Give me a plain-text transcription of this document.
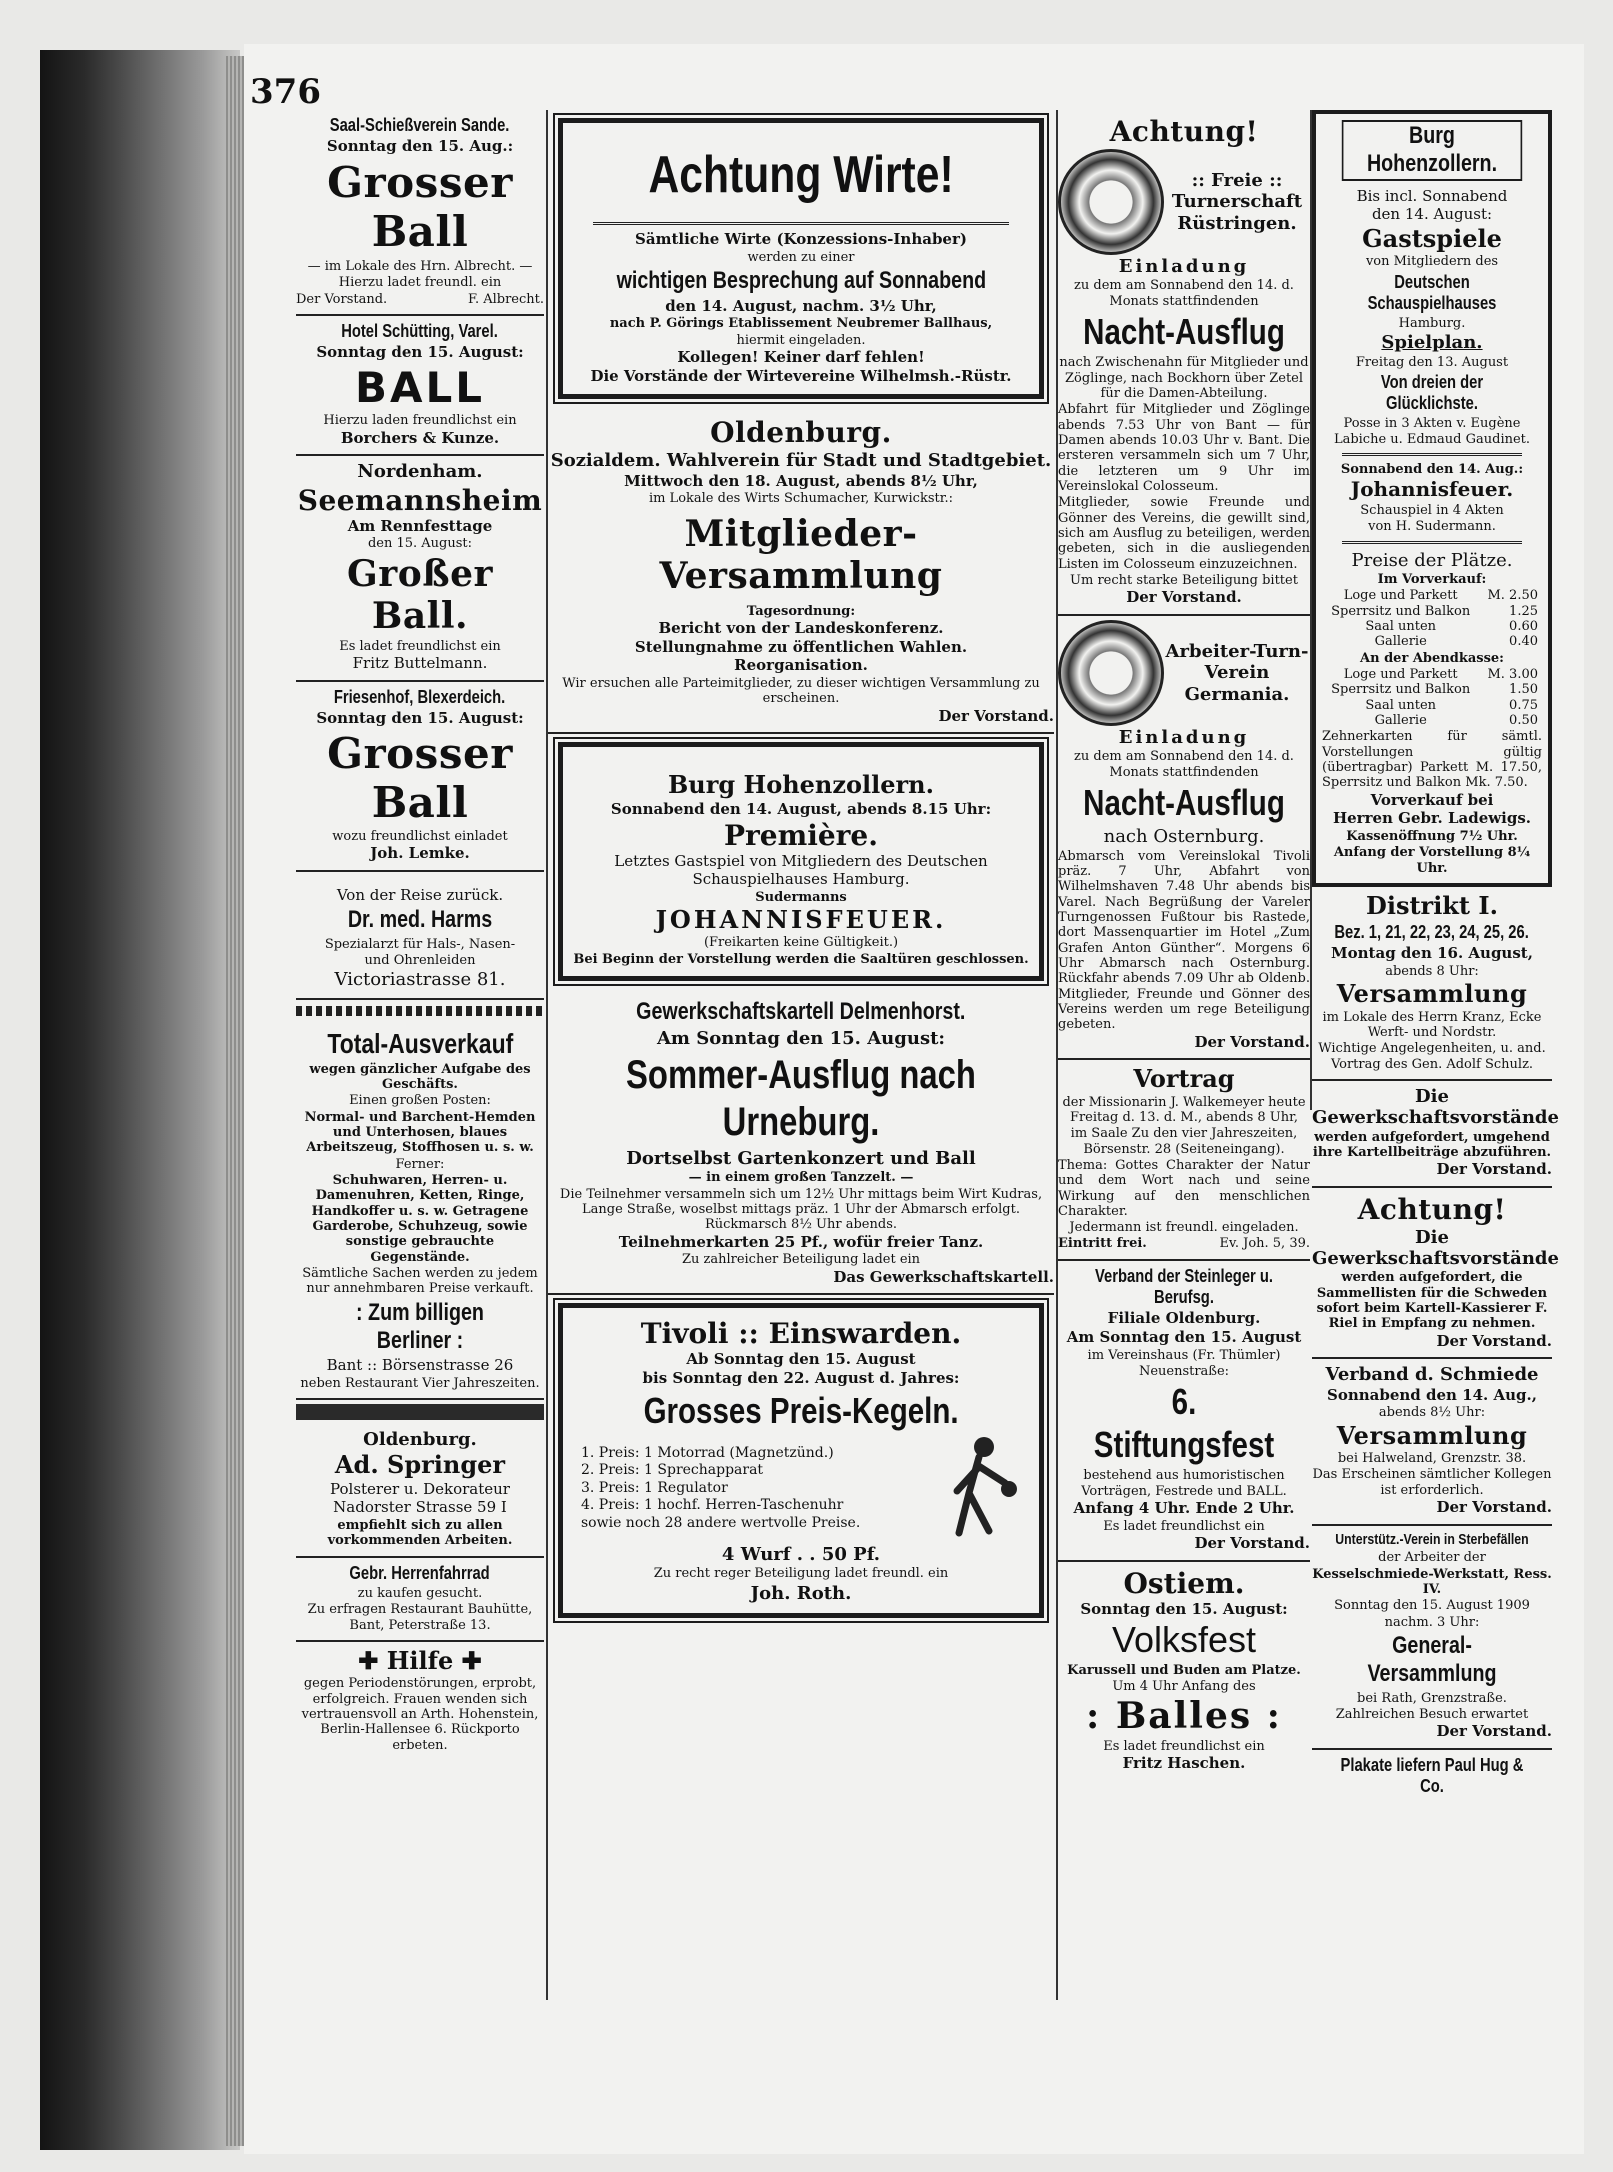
376

Saal-Schießverein Sande.

Sonntag den 15. Aug.:

Grosser Ball

— im Lokale des Hrn. Albrecht. —

Hierzu ladet freundl. ein

Der Vorstand.	F. Albrecht.

Hotel Schütting, Varel.

Sonntag den 15. August:

BALL

Hierzu laden freundlichst ein

Borchers & Kunze.

Nordenham.

Seemannsheim

Am Rennfesttage

den 15. August:

Großer Ball.

Es ladet freundlichst ein

Fritz Buttelmann.

Friesenhof, Blexerdeich.

Sonntag den 15. August:

Grosser Ball

wozu freundlichst einladet

Joh. Lemke.

Von der Reise zurück.

Dr. med. Harms

Spezialarzt für Hals-, Nasen-

und Ohrenleiden

Victoriastrasse 81.

Total-Ausverkauf

wegen gänzlicher Aufgabe des Geschäfts.

Einen großen Posten:

Normal- und Barchent-Hemden und Unterhosen, blaues Arbeitszeug, Stoffhosen u. s. w.

Ferner:

Schuhwaren, Herren- u. Damenuhren, Ketten, Ringe, Handkoffer u. s. w. Getragene Garderobe, Schuhzeug, sowie sonstige gebrauchte Gegenstände.

Sämtliche Sachen werden zu jedem nur annehmbaren Preise verkauft.

: Zum billigen Berliner :

Bant :: Börsenstrasse 26

neben Restaurant Vier Jahreszeiten.

Oldenburg.

Ad. Springer

Polsterer u. Dekorateur

Nadorster Strasse 59 I

empfiehlt sich zu allen vorkommenden Arbeiten.

Gebr. Herrenfahrrad

zu kaufen gesucht.

Zu erfragen Restaurant Bauhütte, Bant, Peterstraße 13.

✚ Hilfe ✚

gegen Periodenstörungen, erprobt, erfolgreich. Frauen wenden sich vertrauensvoll an Arth. Hohenstein, Berlin-Hallensee 6. Rückporto erbeten.

Achtung Wirte!

Sämtliche Wirte (Konzessions-Inhaber)

werden zu einer

wichtigen Besprechung auf Sonnabend

den 14. August, nachm. 3½ Uhr,

nach P. Görings Etablissement Neubremer Ballhaus,

hiermit eingeladen.

Kollegen! Keiner darf fehlen!

Die Vorstände der Wirtevereine Wilhelmsh.-Rüstr.

Oldenburg.

Sozialdem. Wahlverein für Stadt und Stadtgebiet.

Mittwoch den 18. August, abends 8½ Uhr,

im Lokale des Wirts Schumacher, Kurwickstr.:

Mitglieder-Versammlung

Tagesordnung:

Bericht von der Landeskonferenz.

Stellungnahme zu öffentlichen Wahlen.

Reorganisation.

Wir ersuchen alle Parteimitglieder, zu dieser wichtigen Versammlung zu erscheinen.

Der Vorstand.

Burg Hohenzollern.

Sonnabend den 14. August, abends 8.15 Uhr:

Première.

Letztes Gastspiel von Mitgliedern des Deutschen Schauspielhauses Hamburg.

Sudermanns

JOHANNISFEUER.

(Freikarten keine Gültigkeit.)

Bei Beginn der Vorstellung werden die Saaltüren geschlossen.

Gewerkschaftskartell Delmenhorst.

Am Sonntag den 15. August:

Sommer-Ausflug nach Urneburg.

Dortselbst Gartenkonzert und Ball

— in einem großen Tanzzelt. —

Die Teilnehmer versammeln sich um 12½ Uhr mittags beim Wirt Kudras, Lange Straße, woselbst mittags präz. 1 Uhr der Abmarsch erfolgt. Rückmarsch 8½ Uhr abends.

Teilnehmerkarten 25 Pf., wofür freier Tanz.

Zu zahlreicher Beteiligung ladet ein

Das Gewerkschaftskartell.

Tivoli :: Einswarden.

Ab Sonntag den 15. August

bis Sonntag den 22. August d. Jahres:

Grosses Preis-Kegeln.

1. Preis: 1 Motorrad (Magnetzünd.)

2. Preis: 1 Sprechapparat

3. Preis: 1 Regulator

4. Preis: 1 hochf. Herren-Taschenuhr

sowie noch 28 andere wertvolle Preise.

4 Wurf . . 50 Pf.

Zu recht reger Beteiligung ladet freundl. ein

Joh. Roth.

Achtung!

:: Freie :: Turnerschaft Rüstringen.

Einladung

zu dem am Sonnabend den 14. d. Monats stattfindenden

Nacht-Ausflug

nach Zwischenahn für Mitglieder und Zöglinge, nach Bockhorn über Zetel für die Damen-Abteilung.

Abfahrt für Mitglieder und Zöglinge abends 7.53 Uhr von Bant — für Damen abends 10.03 Uhr v. Bant. Die ersteren versammeln sich um 7 Uhr, die letzteren um 9 Uhr im Vereinslokal Colosseum.

Mitglieder, sowie Freunde und Gönner des Vereins, die gewillt sind, sich am Ausflug zu beteiligen, werden gebeten, sich in die ausliegenden Listen im Colosseum einzuzeichnen.

Um recht starke Beteiligung bittet

Der Vorstand.

Arbeiter-Turn-Verein Germania.

Einladung

zu dem am Sonnabend den 14. d. Monats stattfindenden

Nacht-Ausflug

nach Osternburg.

Abmarsch vom Vereinslokal Tivoli präz. 7 Uhr, Abfahrt von Wilhelmshaven 7.48 Uhr abends bis Varel. Nach Begrüßung der Vareler Turngenossen Fußtour bis Rastede, dort Massenquartier im Hotel „Zum Grafen Anton Günther“. Morgens 6 Uhr Abmarsch nach Osternburg. Rückfahr abends 7.09 Uhr ab Oldenb. Mitglieder, Freunde und Gönner des Vereins werden um rege Beteiligung gebeten.

Der Vorstand.

Vortrag

der Missionarin J. Walkemeyer heute Freitag d. 13. d. M., abends 8 Uhr,

im Saale Zu den vier Jahreszeiten, Börsenstr. 28 (Seiteneingang).

Thema: Gottes Charakter der Natur und dem Wort nach und seine Wirkung auf den menschlichen Charakter.

Jedermann ist freundl. eingeladen.

Eintritt frei.	Ev. Joh. 5, 39.

Verband der Steinleger u. Berufsg.

Filiale Oldenburg.

Am Sonntag den 15. August

im Vereinshaus (Fr. Thümler)

Neuenstraße:

6. Stiftungsfest

bestehend aus humoristischen Vorträgen, Festrede und BALL.

Anfang 4 Uhr. Ende 2 Uhr.

Es ladet freundlichst ein

Der Vorstand.

Ostiem.

Sonntag den 15. August:

Volksfest

Karussell und Buden am Platze.

Um 4 Uhr Anfang des

: Balles :

Es ladet freundlichst ein

Fritz Haschen.

Burg Hohenzollern.

Bis incl. Sonnabend

den 14. August:

Gastspiele

von Mitgliedern des

Deutschen Schauspielhauses

Hamburg.

Spielplan.

Freitag den 13. August

Von dreien der Glücklichste.

Posse in 3 Akten v. Eugène Labiche u. Edmaud Gaudinet.

Sonnabend den 14. Aug.:

Johannisfeuer.

Schauspiel in 4 Akten

von H. Sudermann.

Preise der Plätze.

Im Vorverkauf:

Loge und Parkett	M. 2.50
Sperrsitz und Balkon	1.25
Saal unten	0.60
Gallerie	0.40

An der Abendkasse:

Loge und Parkett	M. 3.00
Sperrsitz und Balkon	1.50
Saal unten	0.75
Gallerie	0.50

Zehnerkarten für sämtl. Vorstellungen gültig (übertragbar) Parkett M. 17.50, Sperrsitz und Balkon Mk. 7.50.

Vorverkauf bei

Herren Gebr. Ladewigs.

Kassenöffnung 7½ Uhr.

Anfang der Vorstellung 8¼ Uhr.

Distrikt I.

Bez. 1, 21, 22, 23, 24, 25, 26.

Montag den 16. August,

abends 8 Uhr:

Versammlung

im Lokale des Herrn Kranz, Ecke Werft- und Nordstr.

Wichtige Angelegenheiten, u. and. Vortrag des Gen. Adolf Schulz.

Die Gewerkschaftsvorstände

werden aufgefordert, umgehend ihre Kartellbeiträge abzuführen.

Der Vorstand.

Achtung!

Die Gewerkschaftsvorstände

werden aufgefordert, die Sammellisten für die Schweden sofort beim Kartell-Kassierer F. Riel in Empfang zu nehmen.

Der Vorstand.

Verband d. Schmiede

Sonnabend den 14. Aug.,

abends 8½ Uhr:

Versammlung

bei Halweland, Grenzstr. 38.

Das Erscheinen sämtlicher Kollegen ist erforderlich.

Der Vorstand.

Unterstütz.-Verein in Sterbefällen

der Arbeiter der

Kesselschmiede-Werkstatt, Ress. IV.

Sonntag den 15. August 1909

nachm. 3 Uhr:

General-Versammlung

bei Rath, Grenzstraße.

Zahlreichen Besuch erwartet

Der Vorstand.

Plakate liefern Paul Hug & Co.
